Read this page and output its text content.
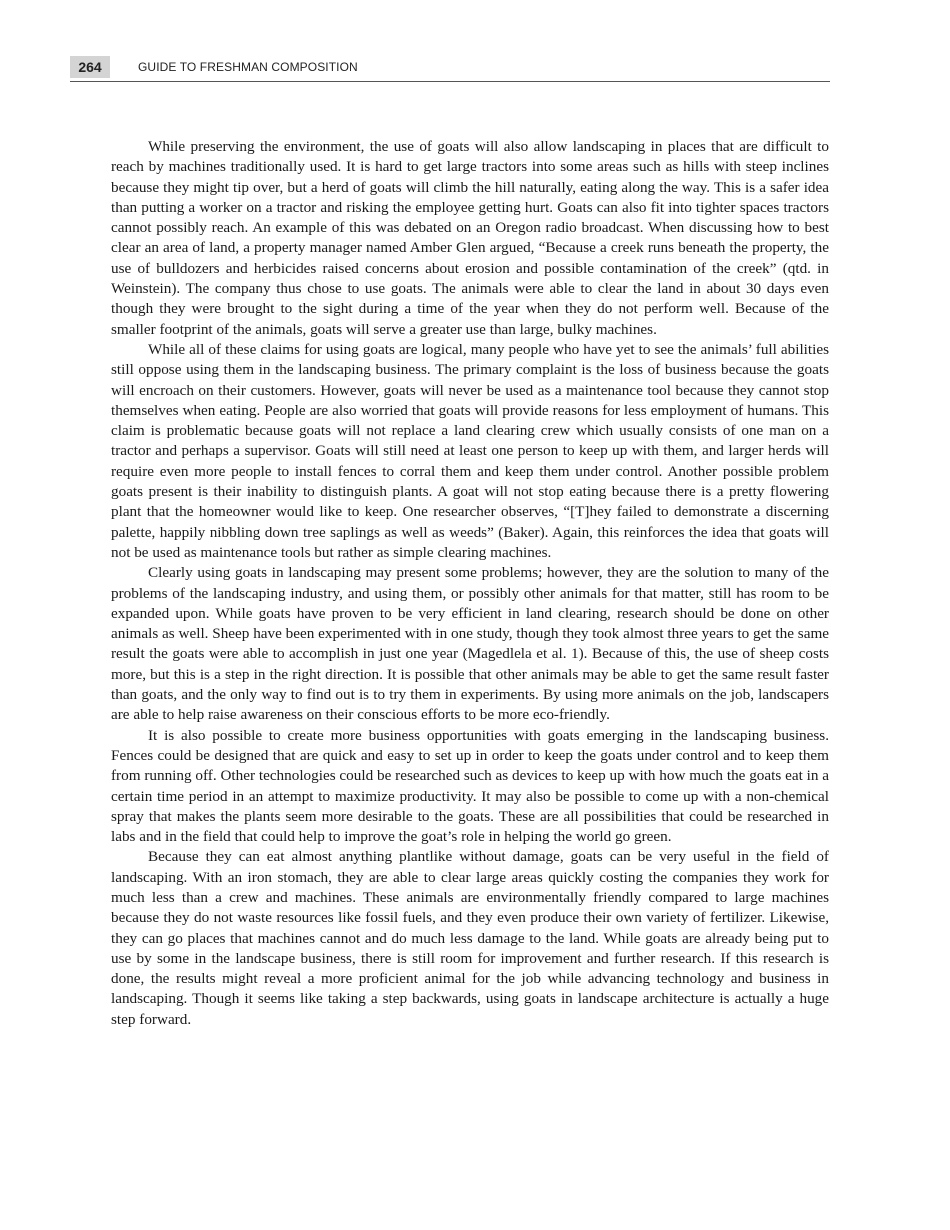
264	GUIDE TO FRESHMAN COMPOSITION

While preserving the environment, the use of goats will also allow landscaping in places that are difficult to reach by machines traditionally used. It is hard to get large tractors into some areas such as hills with steep inclines because they might tip over, but a herd of goats will climb the hill naturally, eating along the way. This is a safer idea than putting a worker on a tractor and risking the employee getting hurt. Goats can also fit into tighter spaces tractors cannot possibly reach. An example of this was debated on an Oregon radio broadcast. When discussing how to best clear an area of land, a property manager named Amber Glen argued, “Because a creek runs beneath the property, the use of bulldozers and herbicides raised concerns about erosion and possible contamination of the creek” (qtd. in Weinstein). The company thus chose to use goats. The animals were able to clear the land in about 30 days even though they were brought to the sight during a time of the year when they do not perform well. Because of the smaller footprint of the animals, goats will serve a greater use than large, bulky machines.

While all of these claims for using goats are logical, many people who have yet to see the animals’ full abilities still oppose using them in the landscaping business. The primary complaint is the loss of business because the goats will encroach on their customers. However, goats will never be used as a maintenance tool because they cannot stop themselves when eating. People are also worried that goats will provide reasons for less employment of humans. This claim is problematic because goats will not replace a land clearing crew which usually consists of one man on a tractor and perhaps a supervisor. Goats will still need at least one person to keep up with them, and larger herds will require even more people to install fences to corral them and keep them under control. Another possible problem goats present is their inability to distinguish plants. A goat will not stop eating because there is a pretty flowering plant that the homeowner would like to keep. One researcher observes, “[T]hey failed to demonstrate a discerning palette, happily nibbling down tree saplings as well as weeds” (Baker). Again, this reinforces the idea that goats will not be used as maintenance tools but rather as simple clearing machines.

Clearly using goats in landscaping may present some problems; however, they are the solution to many of the problems of the landscaping industry, and using them, or possibly other animals for that matter, still has room to be expanded upon. While goats have proven to be very efficient in land clearing, research should be done on other animals as well. Sheep have been experimented with in one study, though they took almost three years to get the same result the goats were able to accomplish in just one year (Magedlela et al. 1). Because of this, the use of sheep costs more, but this is a step in the right direction. It is possible that other animals may be able to get the same result faster than goats, and the only way to find out is to try them in experiments. By using more animals on the job, landscapers are able to help raise awareness on their conscious efforts to be more eco-friendly.

It is also possible to create more business opportunities with goats emerging in the landscaping business. Fences could be designed that are quick and easy to set up in order to keep the goats under control and to keep them from running off. Other technologies could be researched such as devices to keep up with how much the goats eat in a certain time period in an attempt to maximize productivity. It may also be possible to come up with a non-chemical spray that makes the plants seem more desirable to the goats. These are all possibilities that could be researched in labs and in the field that could help to improve the goat’s role in helping the world go green.

Because they can eat almost anything plantlike without damage, goats can be very useful in the field of landscaping. With an iron stomach, they are able to clear large areas quickly costing the companies they work for much less than a crew and machines. These animals are environmentally friendly compared to large machines because they do not waste resources like fossil fuels, and they even produce their own variety of fertilizer. Likewise, they can go places that machines cannot and do much less damage to the land. While goats are already being put to use by some in the landscape business, there is still room for improvement and further research. If this research is done, the results might reveal a more proficient animal for the job while advancing technology and business in landscaping. Though it seems like taking a step backwards, using goats in landscape architecture is actually a huge step forward.
